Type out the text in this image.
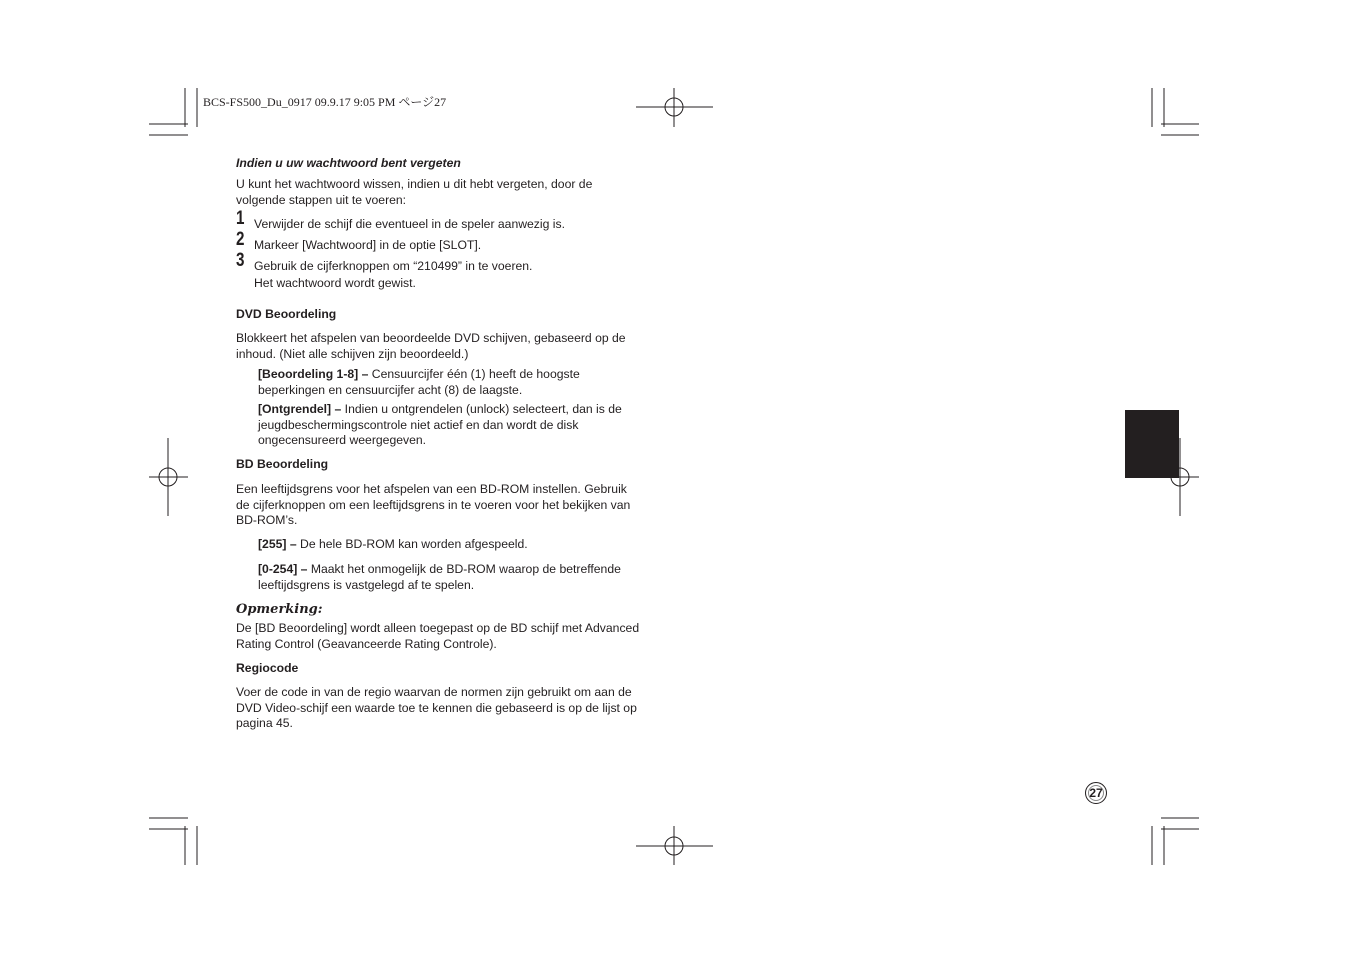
BCS-FS500_Du_0917 09.9.17 9:05 PM ページ27
Indien u uw wachtwoord bent vergeten
U kunt het wachtwoord wissen, indien u dit hebt vergeten, door de
volgende stappen uit te voeren:
1 Verwijder de schijf die eventueel in de speler aanwezig is.
2 Markeer [Wachtwoord] in de optie [SLOT].
3 Gebruik de cijferknoppen om “210499” in te voeren.
Het wachtwoord wordt gewist.
DVD Beoordeling
Blokkeert het afspelen van beoordeelde DVD schijven, gebaseerd op de
inhoud. (Niet alle schijven zijn beoordeeld.)
[Beoordeling 1-8] – Censuurcijfer één (1) heeft de hoogste
beperkingen en censuurcijfer acht (8) de laagste.
[Ontgrendel] – Indien u ontgrendelen (unlock) selecteert, dan is de
jeugdbeschermingscontrole niet actief en dan wordt de disk
ongecensureerd weergegeven.
BD Beoordeling
Een leeftijdsgrens voor het afspelen van een BD-ROM instellen. Gebruik
de cijferknoppen om een leeftijdsgrens in te voeren voor het bekijken van
BD-ROM’s.
[255] – De hele BD-ROM kan worden afgespeeld.
[0-254] – Maakt het onmogelijk de BD-ROM waarop de betreffende
leeftijdsgrens is vastgelegd af te spelen.
Opmerking:
De [BD Beoordeling] wordt alleen toegepast op de BD schijf met Advanced
Rating Control (Geavanceerde Rating Controle).
Regiocode
Voer de code in van de regio waarvan de normen zijn gebruikt om aan de
DVD Video-schijf een waarde toe te kennen die gebaseerd is op de lijst op
pagina 45.
27
